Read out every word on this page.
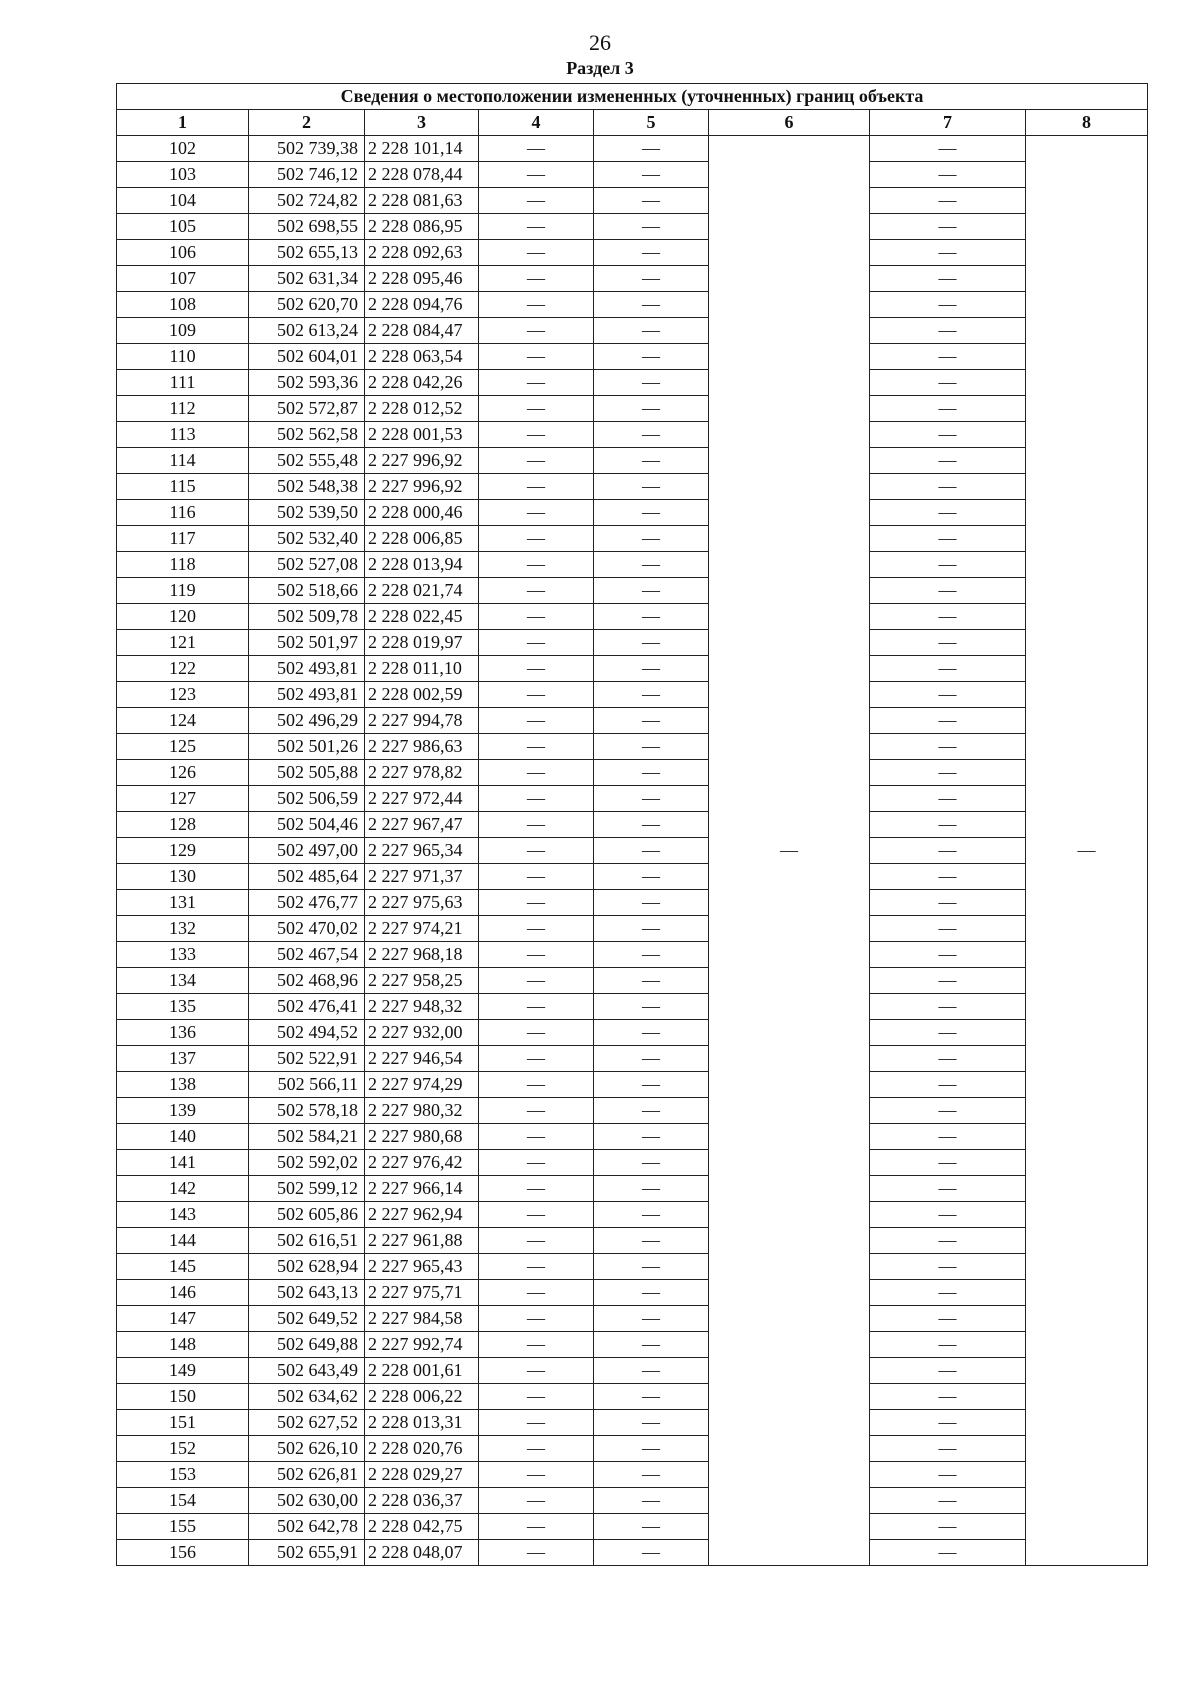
26
Раздел 3
Сведения о местоположении измененных (уточненных) границ объекта							
1	2	3	4	5	6	7	8
102	502 739,38	2 228 101,14	—	—	—	—	—
103	502 746,12	2 228 078,44	—	—		—	
104	502 724,82	2 228 081,63	—	—		—	
105	502 698,55	2 228 086,95	—	—		—	
106	502 655,13	2 228 092,63	—	—		—	
107	502 631,34	2 228 095,46	—	—		—	
108	502 620,70	2 228 094,76	—	—		—	
109	502 613,24	2 228 084,47	—	—		—	
110	502 604,01	2 228 063,54	—	—		—	
111	502 593,36	2 228 042,26	—	—		—	
112	502 572,87	2 228 012,52	—	—		—	
113	502 562,58	2 228 001,53	—	—		—	
114	502 555,48	2 227 996,92	—	—		—	
115	502 548,38	2 227 996,92	—	—		—	
116	502 539,50	2 228 000,46	—	—		—	
117	502 532,40	2 228 006,85	—	—		—	
118	502 527,08	2 228 013,94	—	—		—	
119	502 518,66	2 228 021,74	—	—		—	
120	502 509,78	2 228 022,45	—	—		—	
121	502 501,97	2 228 019,97	—	—		—	
122	502 493,81	2 228 011,10	—	—		—	
123	502 493,81	2 228 002,59	—	—		—	
124	502 496,29	2 227 994,78	—	—		—	
125	502 501,26	2 227 986,63	—	—		—	
126	502 505,88	2 227 978,82	—	—		—	
127	502 506,59	2 227 972,44	—	—		—	
128	502 504,46	2 227 967,47	—	—		—	
129	502 497,00	2 227 965,34	—	—		—	
130	502 485,64	2 227 971,37	—	—		—	
131	502 476,77	2 227 975,63	—	—		—	
132	502 470,02	2 227 974,21	—	—		—	
133	502 467,54	2 227 968,18	—	—		—	
134	502 468,96	2 227 958,25	—	—		—	
135	502 476,41	2 227 948,32	—	—		—	
136	502 494,52	2 227 932,00	—	—		—	
137	502 522,91	2 227 946,54	—	—		—	
138	502 566,11	2 227 974,29	—	—		—	
139	502 578,18	2 227 980,32	—	—		—	
140	502 584,21	2 227 980,68	—	—		—	
141	502 592,02	2 227 976,42	—	—		—	
142	502 599,12	2 227 966,14	—	—		—	
143	502 605,86	2 227 962,94	—	—		—	
144	502 616,51	2 227 961,88	—	—		—	
145	502 628,94	2 227 965,43	—	—		—	
146	502 643,13	2 227 975,71	—	—		—	
147	502 649,52	2 227 984,58	—	—		—	
148	502 649,88	2 227 992,74	—	—		—	
149	502 643,49	2 228 001,61	—	—		—	
150	502 634,62	2 228 006,22	—	—		—	
151	502 627,52	2 228 013,31	—	—		—	
152	502 626,10	2 228 020,76	—	—		—	
153	502 626,81	2 228 029,27	—	—		—	
154	502 630,00	2 228 036,37	—	—		—	
155	502 642,78	2 228 042,75	—	—		—	
156	502 655,91	2 228 048,07	—	—		—	
